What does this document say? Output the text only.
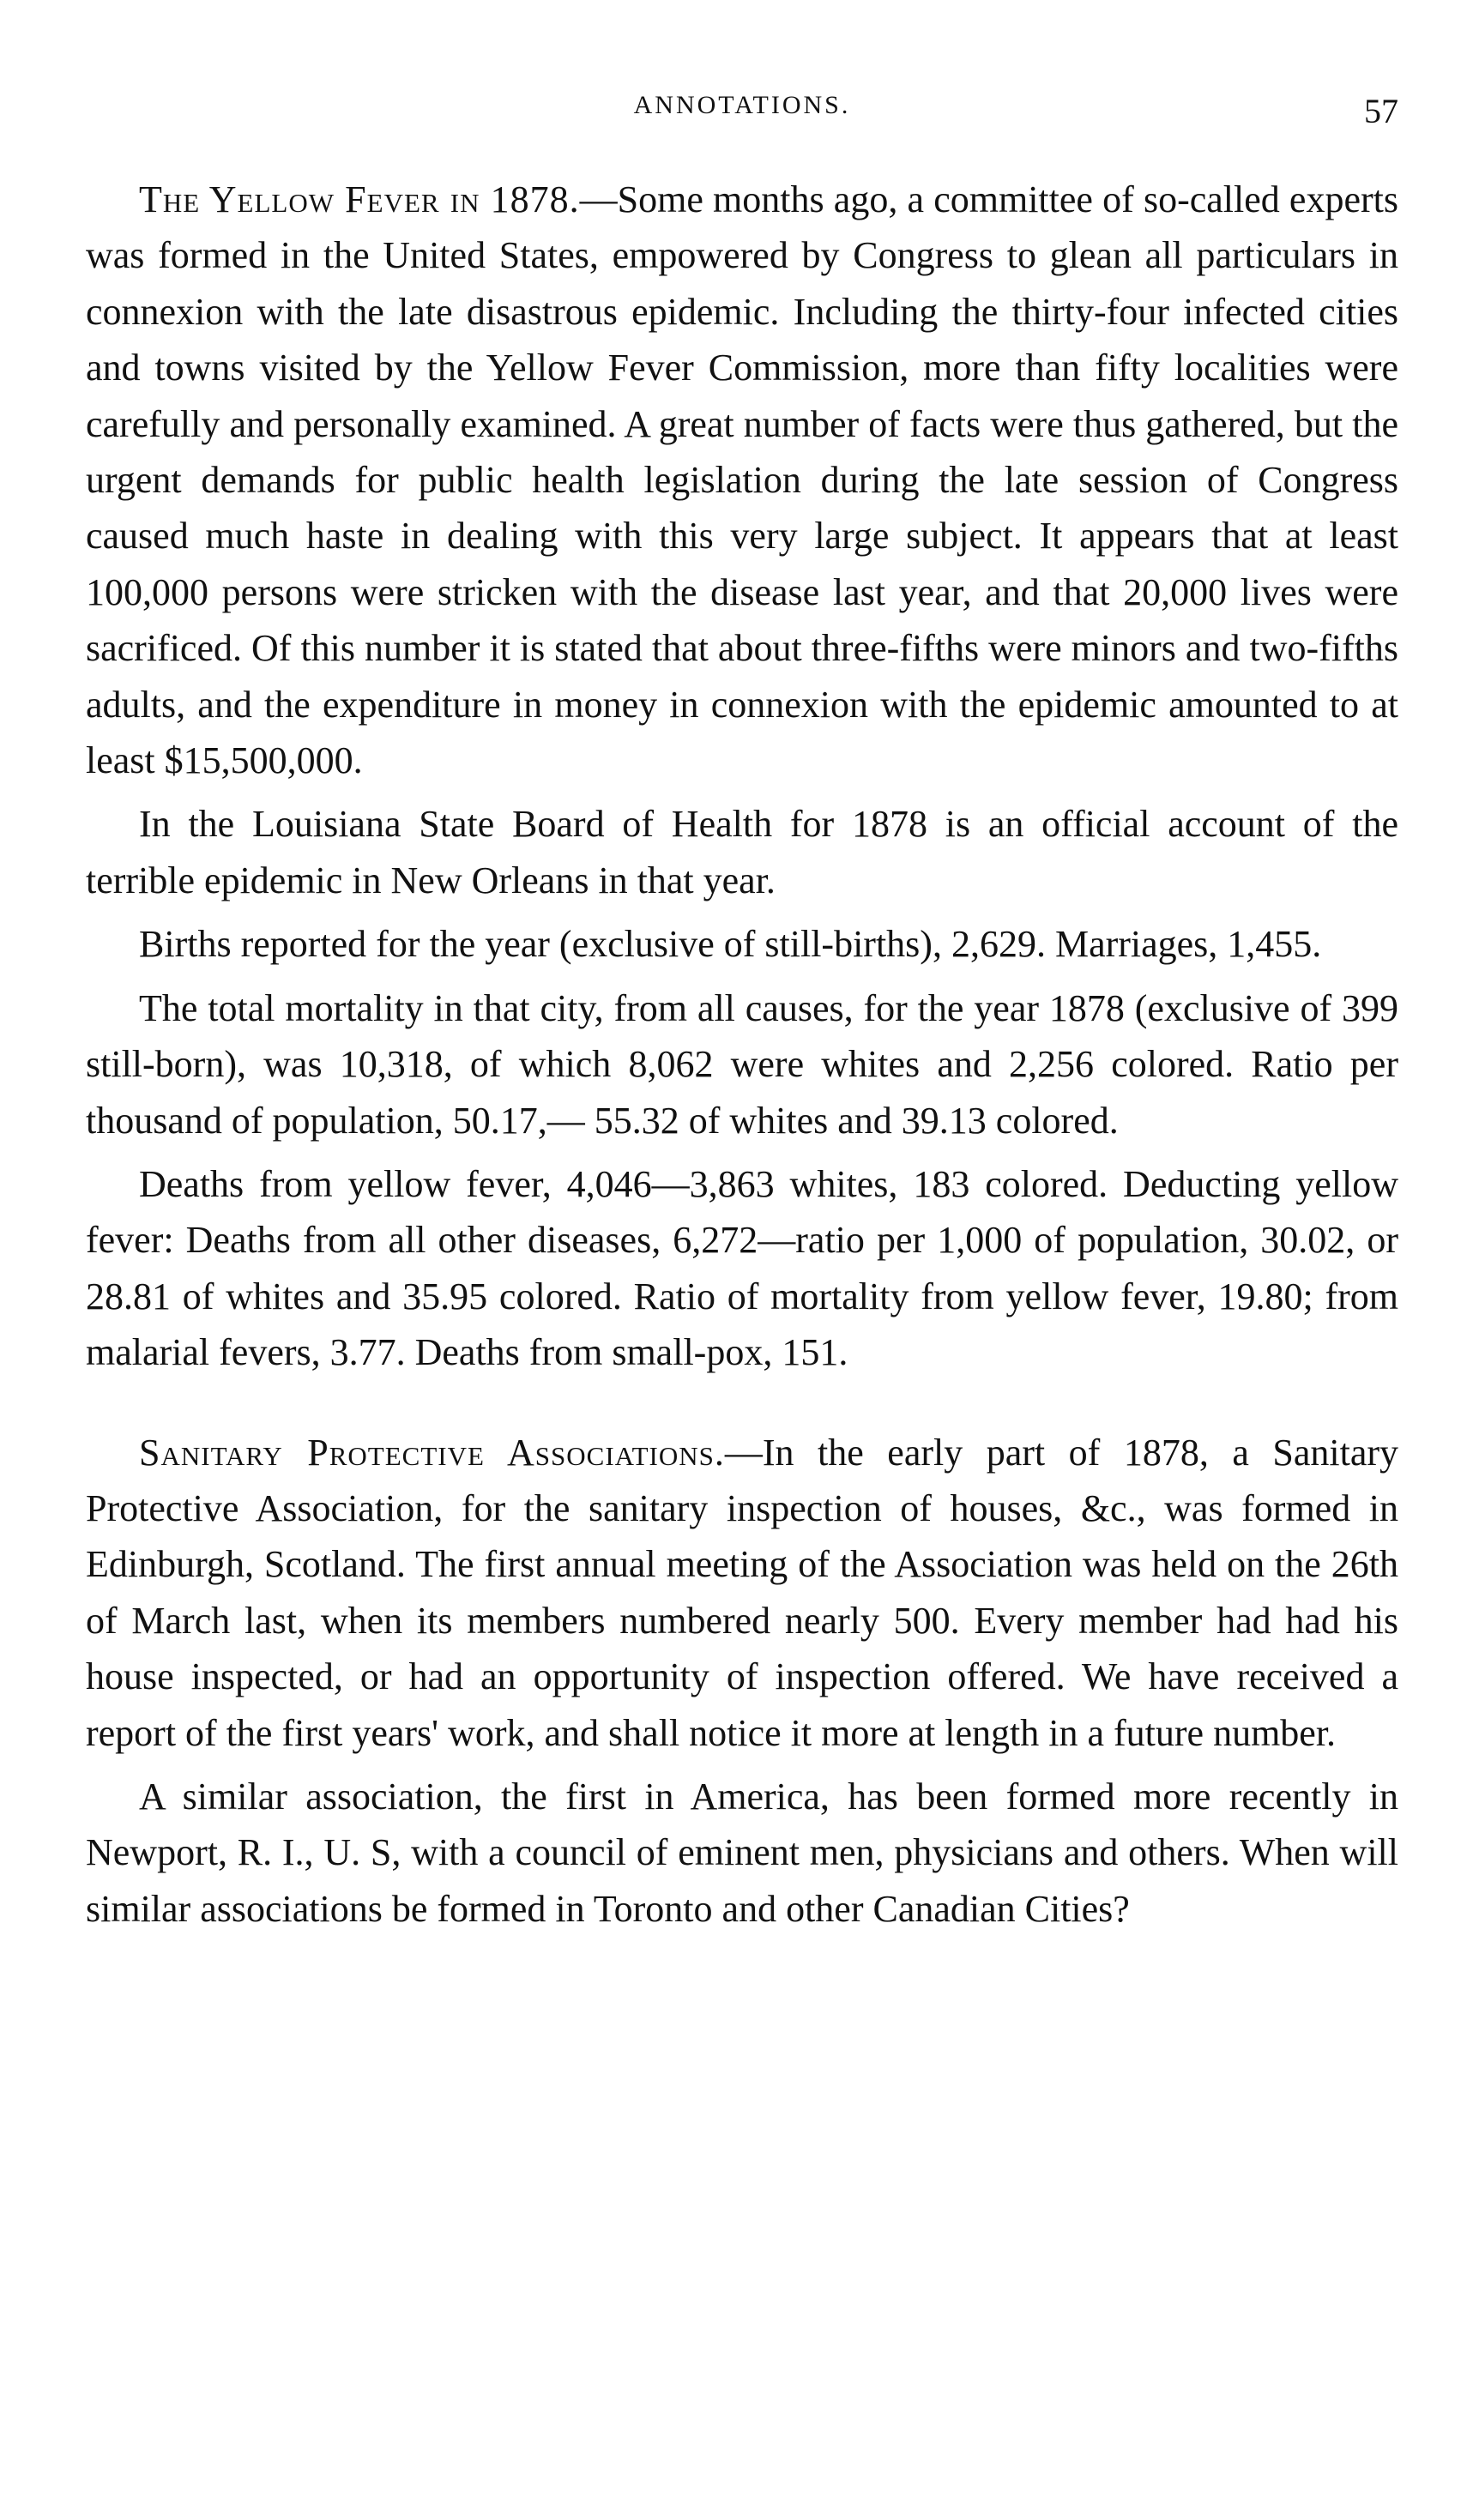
ANNOTATIONS.	57

The Yellow Fever in 1878.—Some months ago, a committee of so-called experts was formed in the United States, empowered by Congress to glean all particulars in connexion with the late disastrous epidemic. Including the thirty-four infected cities and towns visited by the Yellow Fever Commission, more than fifty localities were carefully and personally examined. A great number of facts were thus gathered, but the urgent demands for public health legislation during the late session of Congress caused much haste in dealing with this very large subject. It appears that at least 100,000 persons were stricken with the disease last year, and that 20,000 lives were sacrificed. Of this number it is stated that about three-fifths were minors and two-fifths adults, and the expenditure in money in connexion with the epidemic amounted to at least $15,500,000.

In the Louisiana State Board of Health for 1878 is an official account of the terrible epidemic in New Orleans in that year.

Births reported for the year (exclusive of still-births), 2,629. Marriages, 1,455.

The total mortality in that city, from all causes, for the year 1878 (exclusive of 399 still-born), was 10,318, of which 8,062 were whites and 2,256 colored. Ratio per thousand of population, 50.17,— 55.32 of whites and 39.13 colored.

Deaths from yellow fever, 4,046—3,863 whites, 183 colored. Deducting yellow fever: Deaths from all other diseases, 6,272—ratio per 1,000 of population, 30.02, or 28.81 of whites and 35.95 colored. Ratio of mortality from yellow fever, 19.80; from malarial fevers, 3.77. Deaths from small-pox, 151.

Sanitary Protective Associations.—In the early part of 1878, a Sanitary Protective Association, for the sanitary inspection of houses, &c., was formed in Edinburgh, Scotland. The first annual meeting of the Association was held on the 26th of March last, when its members numbered nearly 500. Every member had had his house inspected, or had an opportunity of inspection offered. We have received a report of the first years' work, and shall notice it more at length in a future number.

A similar association, the first in America, has been formed more recently in Newport, R. I., U. S, with a council of eminent men, physicians and others. When will similar associations be formed in Toronto and other Canadian Cities?
